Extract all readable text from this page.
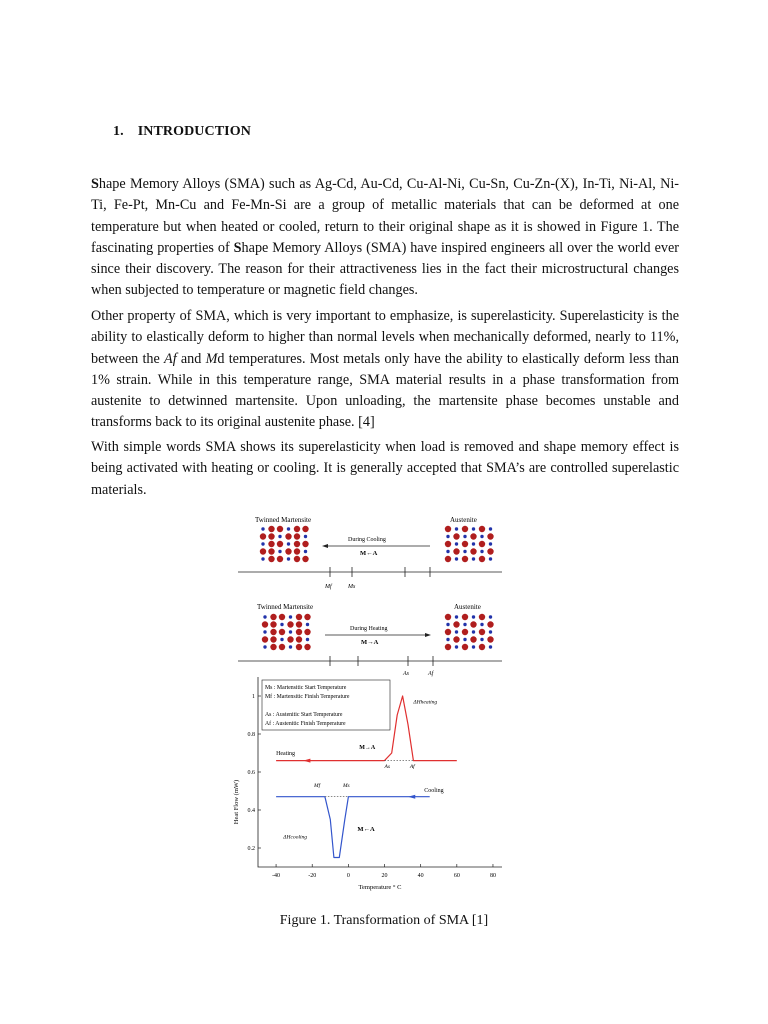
1. INTRODUCTION
Shape Memory Alloys (SMA) such as Ag-Cd, Au-Cd, Cu-Al-Ni, Cu-Sn, Cu-Zn-(X), In-Ti, Ni-Al, Ni-Ti, Fe-Pt, Mn-Cu and Fe-Mn-Si are a group of metallic materials that can be deformed at one temperature but when heated or cooled, return to their original shape as it is showed in Figure 1. The fascinating properties of Shape Memory Alloys (SMA) have inspired engineers all over the world ever since their discovery. The reason for their attractiveness lies in the fact their microstructural changes when subjected to temperature or magnetic field changes.
Other property of SMA, which is very important to emphasize, is superelasticity. Superelasticity is the ability to elastically deform to higher than normal levels when mechanically deformed, nearly to 11%, between the Af and Md temperatures. Most metals only have the ability to elastically deform less than 1% strain. While in this temperature range, SMA material results in a phase transformation from austenite to detwinned martensite. Upon unloading, the martensite phase becomes unstable and transforms back to its original austenite phase. [4]
With simple words SMA shows its superelasticity when load is removed and shape memory effect is being activated with heating or cooling. It is generally accepted that SMA’s are controlled superelastic materials.
Twinned Martensite	Austenite
During Cooling
M←A
Mf	Ms
Twinned Martensite	Austenite
During Heating
M→A
As	Af
-40	-20	0	20	40	60	80
1
0.8
0.6
0.4
0.2
Temperature ° C
Heat Flow (mW)
Ms : Martensitic Start Temperature
Mf : Martensitic Finish Temperature
As : Austenitic Start Temperature
Af : Austenitic Finish Temperature
Heating
Cooling
M→A
M←A
ΔHheating
ΔHcooling
As	Af
Mf	Ms
Figure 1. Transformation of SMA [1]
